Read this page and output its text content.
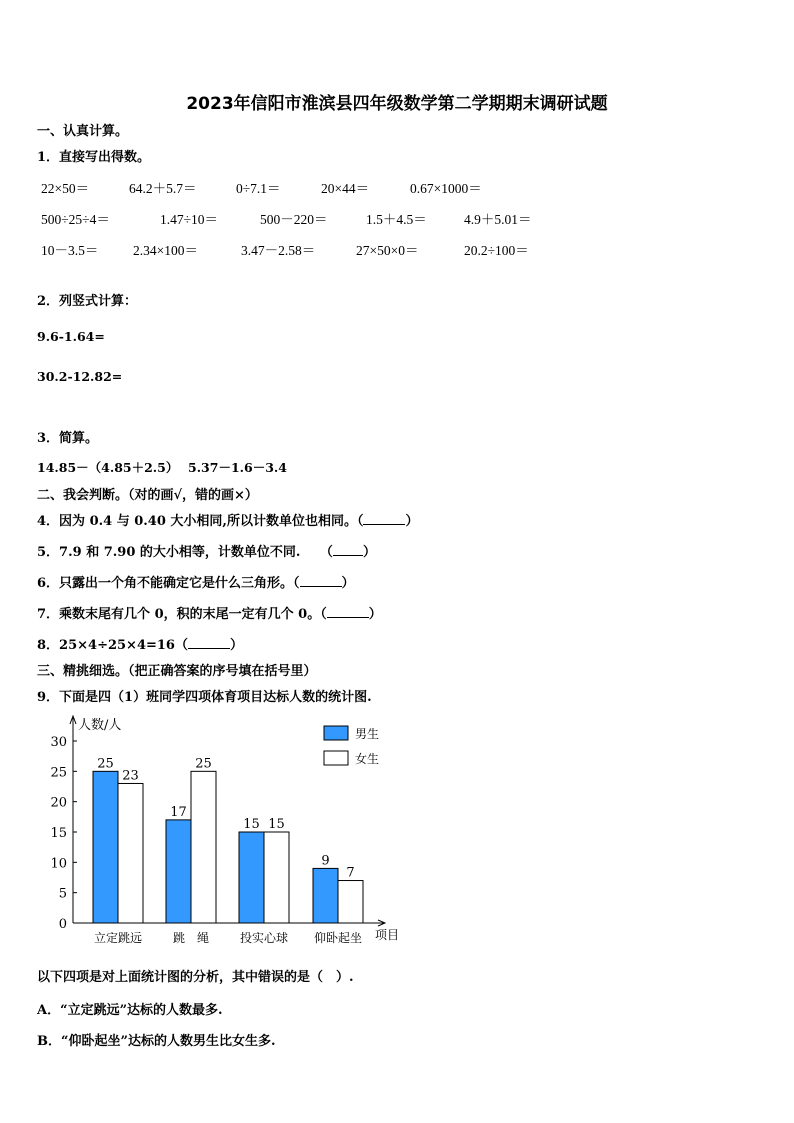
2023年信阳市淮滨县四年级数学第二学期期末调研试题
一、认真计算。
1．直接写出得数。
22×50＝	64.2＋5.7＝	0÷7.1＝	20×44＝	0.67×1000＝
500÷25÷4＝	1.47÷10＝	500－220＝	1.5＋4.5＝	4.9＋5.01＝
10－3.5＝	2.34×100＝	3.47－2.58＝	27×50×0＝	20.2÷100＝
2．列竖式计算：
9.6-1.64=
30.2-12.82=
3．简算。
14.85－（4.85＋2.5） 5.37－1.6－3.4
二、我会判断。（对的画√，错的画×）
4．因为 0.4 与 0.40 大小相同,所以计数单位也相同。（	）
5．7.9 和 7.90 的大小相等，计数单位不同.　　（ ）
6．只露出一个角不能确定它是什么三角形。（	）
7．乘数末尾有几个 0，积的末尾一定有几个 0。（	）
8．25×4÷25×4=16（	）
三、精挑细选。（把正确答案的序号填在括号里）
9．下面是四（1）班同学四项体育项目达标人数的统计图.
0
5
10
15
20
25
30
人数/人
项目
25
23
立定跳远
17
25
跳　绳
15 15
投实心球
9
7
仰卧起坐
男生
女生
以下四项是对上面统计图的分析，其中错误的是（　）.
A．“立定跳远”达标的人数最多.
B．“仰卧起坐”达标的人数男生比女生多.
